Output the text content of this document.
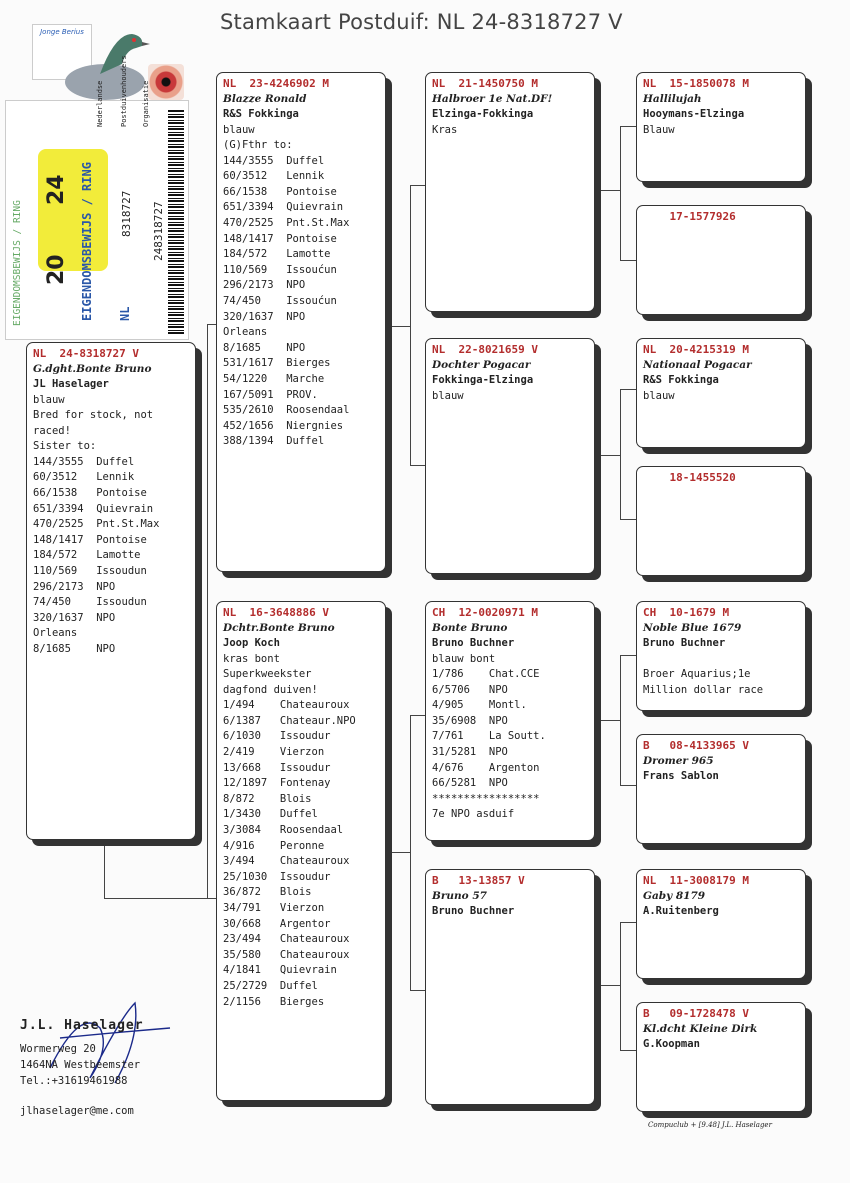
Stamkaart Postduif: NL 24-8318727 V
Jonge Berius
EIGENDOMSBEWIJS / RING
24
20 EIGENDOMSBEWIJS / RING NL
8318727
Nederlandse Postduivenhouders Organisatie
248318727
NL  24-8318727 V
G.dght.Bonte Bruno
JL Haselager
blauw
Bred for stock, not
raced!
Sister to:
144/3555  Duffel
60/3512   Lennik
66/1538   Pontoise
651/3394  Quievrain
470/2525  Pnt.St.Max
148/1417  Pontoise
184/572   Lamotte
110/569   Issoudun
296/2173  NPO
74/450    Issoudun
320/1637  NPO
Orleans
8/1685    NPO
NL  23-4246902 M
Blazze Ronald
R&S Fokkinga
blauw
(G)Fthr to:
144/3555  Duffel
60/3512   Lennik
66/1538   Pontoise
651/3394  Quievrain
470/2525  Pnt.St.Max
148/1417  Pontoise
184/572   Lamotte
110/569   Issoućun
296/2173  NPO
74/450    Issoućun
320/1637  NPO
Orleans
8/1685    NPO
531/1617  Bierges
54/1220   Marche
167/5091  PROV.
535/2610  Roosendaal
452/1656  Niergnies
388/1394  Duffel
NL  16-3648886 V
Dchtr.Bonte Bruno
Joop Koch
kras bont
Superkweekster
dagfond duiven!
1/494    Chateauroux
6/1387   Chateaur.NPO
6/1030   Issoudur
2/419    Vierzon
13/668   Issoudur
12/1897  Fontenay
8/872    Blois
1/3430   Duffel
3/3084   Roosendaal
4/916    Peronne
3/494    Chateauroux
25/1030  Issoudur
36/872   Blois
34/791   Vierzon
30/668   Argentor
23/494   Chateauroux
35/580   Chateauroux
4/1841   Quievrain
25/2729  Duffel
2/1156   Bierges
NL  21-1450750 M
Halbroer 1e Nat.DF!
Elzinga-Fokkinga
Kras
NL  22-8021659 V
Dochter Pogacar
Fokkinga-Elzinga
blauw
CH  12-0020971 M
Bonte Bruno
Bruno Buchner
blauw bont
1/786    Chat.CCE
6/5706   NPO
4/905    Montl.
35/6908  NPO
7/761    La Soutt.
31/5281  NPO
4/676    Argenton
66/5281  NPO
*****************
7e NPO asduif
B   13-13857 V
Bruno 57
Bruno Buchner
NL  15-1850078 M
Hallilujah
Hooymans-Elzinga
Blauw
17-1577926
NL  20-4215319 M
Nationaal Pogacar
R&S Fokkinga
blauw
18-1455520
CH  10-1679 M
Noble Blue 1679
Bruno Buchner

Broer Aquarius;1e
Million dollar race
B   08-4133965 V
Dromer 965
Frans Sablon
NL  11-3008179 M
Gaby 8179
A.Ruitenberg
B   09-1728478 V
Kl.dcht Kleine Dirk
G.Koopman
J.L. Haselager
Wormerweg 20
1464NA Westbeemster
Tel.:+31619461988
jlhaselager@me.com
Compuclub + [9.48] J.L. Haselager
